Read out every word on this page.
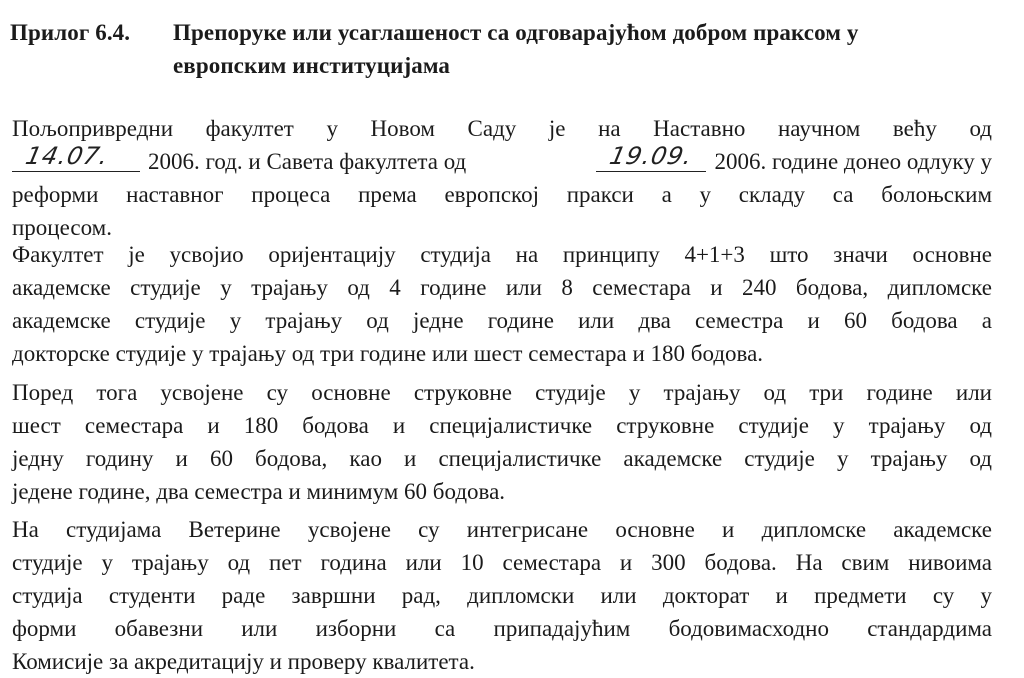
Прилог 6.4. Препоруке или усаглашеност са одговарајућом добром праксом у
европским институцијама
Пољопривредни факултет у Новом Саду је на Наставно научном већу од
14.07. 2006. год. и Савета факултета од	19.09. 2006. године донео одлуку у
реформи наставног процеса према европској пракси а у складу са болоњским
процесом.
Факултет је усвојио оријентацију студија на принципу 4+1+3 што значи основне
академске студије у трајању од 4 године или 8 семестара и 240 бодова, дипломске
академске студије у трајању од једне године или два семестра и 60 бодова а
докторске студије у трајању од три године или шест семестара и 180 бодова.
Поред тога усвојене су основне струковне студије у трајању од три године или
шест семестара и 180 бодова и специјалистичке струковне студије у трајању од
једну годину и 60 бодова, као и специјалистичке академске студије у трајању од
једене године, два семестра и минимум 60 бодова.
На студијама Ветерине усвојене су интегрисане основне и дипломске академске
студије у трајању од пет година или 10 семестара и 300 бодова. На свим нивоима
студија студенти раде завршни рад, дипломски или докторат и предмети су у
форми обавезни или изборни са припадајућим бодовимасходно стандардима
Комисије за акредитацију и проверу квалитета.
